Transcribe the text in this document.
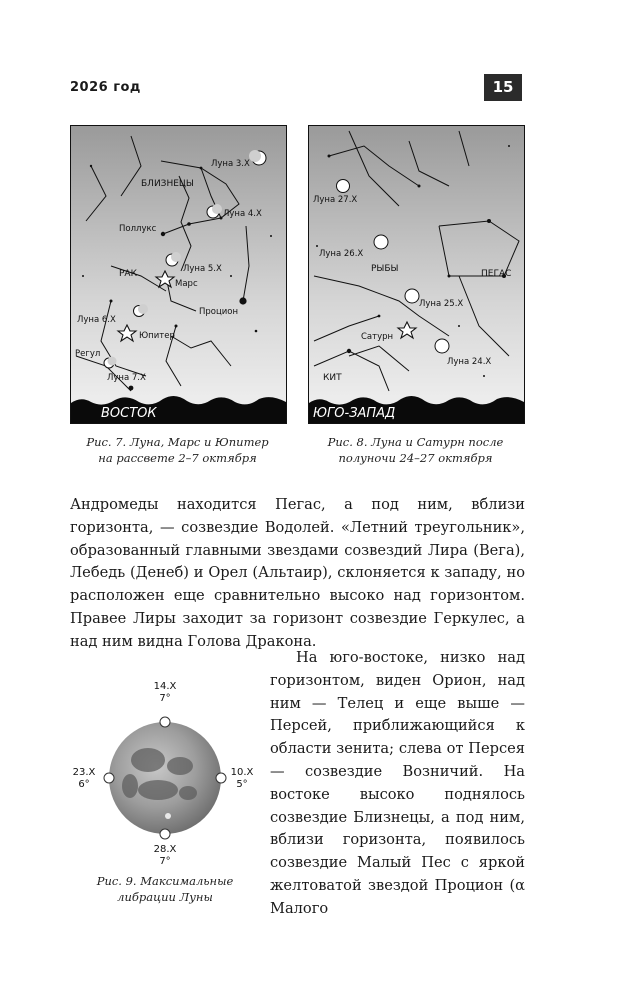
2026 год	15
Луна 3.X
БЛИЗНЕЦЫ
Поллукс
Луна 4.X
Луна 5.X
РАК
Марс
Процион
Луна 6.X
Юпитер
Регул
Луна 7.X
ВОСТОК
Луна 27.X
Луна 26.X
РЫБЫ	ПЕГАС
Луна 25.X
Сатурн
Луна 24.X
КИТ
ЮГО-ЗАПАД
Рис. 7. Луна, Марс и Юпитер
на рассвете 2–7 октября
Рис. 8. Луна и Сатурн после
полуночи 24–27 октября

Андромеды находится Пегас, а под ним, вблизи горизонта, — созвездие Водолей. «Летний треугольник», образованный главными звездами созвездий Лира (Вега), Лебедь (Денеб) и Орел (Альтаир), склоняется к западу, но расположен еще сравнительно высоко над горизонтом. Правее Лиры заходит за горизонт созвездие Геркулес, а над ним видна Голова Дракона.

14.X
7°
23.X
6°
10.X
5°
28.X
7°
Рис. 9. Максимальные
либрации Луны

На юго-востоке, низко над горизонтом, виден Орион, над ним — Телец и еще выше — Персей, приближающийся к области зенита; слева от Персея — созвездие Возничий. На востоке высоко поднялось созвездие Близнецы, а под ним, вблизи горизонта, появилось созвездие Малый Пес с яркой желтоватой звездой Процион (α Малого
